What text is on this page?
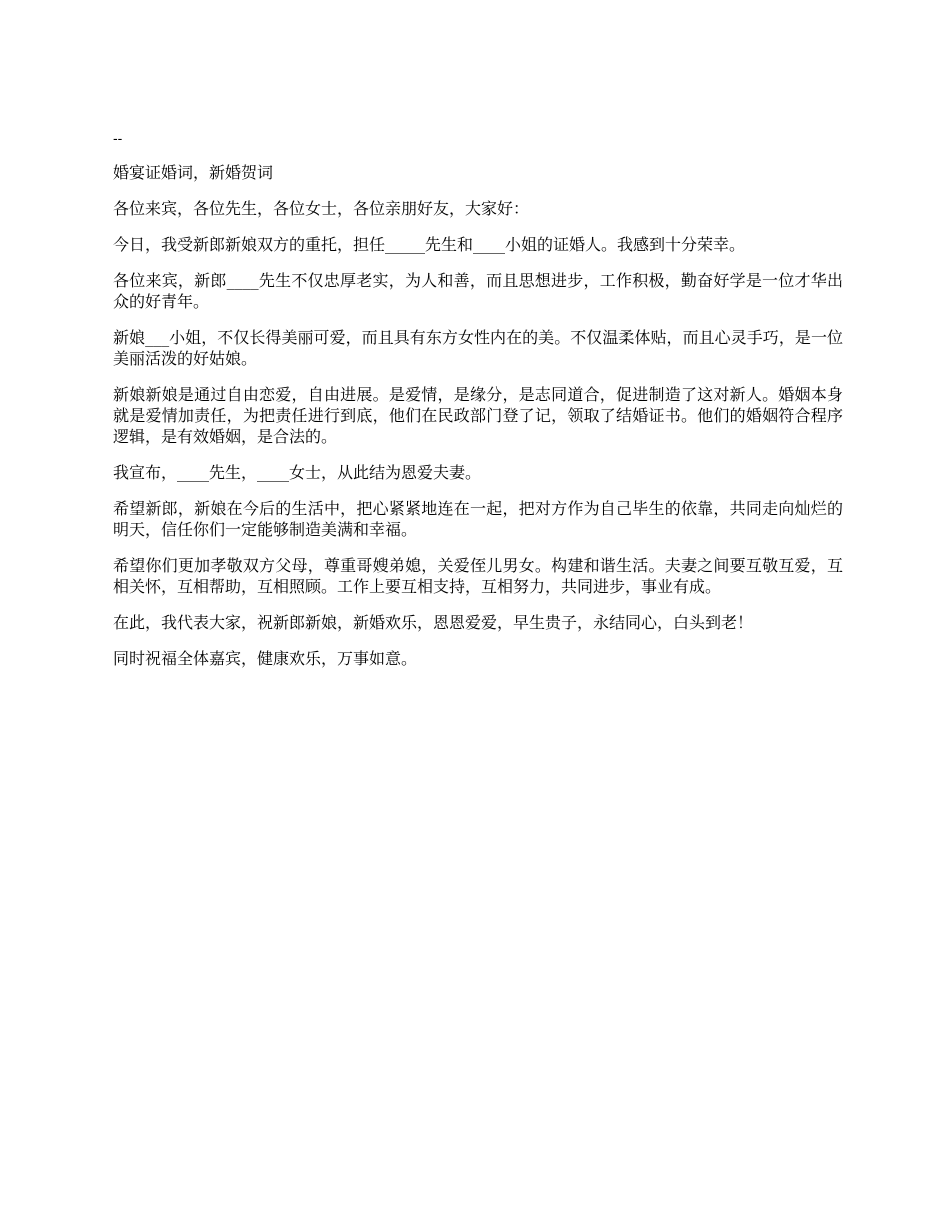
--

婚宴证婚词，新婚贺词

各位来宾，各位先生，各位女士，各位亲朋好友，大家好：

今日，我受新郎新娘双方的重托，担任_____先生和____小姐的证婚人。我感到十分荣幸。

各位来宾，新郎____先生不仅忠厚老实，为人和善，而且思想进步，工作积极，勤奋好学是一位才华出众的好青年。

新娘___小姐，不仅长得美丽可爱，而且具有东方女性内在的美。不仅温柔体贴，而且心灵手巧，是一位美丽活泼的好姑娘。

新娘新娘是通过自由恋爱，自由进展。是爱情，是缘分，是志同道合，促进制造了这对新人。婚姻本身就是爱情加责任，为把责任进行到底，他们在民政部门登了记，领取了结婚证书。他们的婚姻符合程序逻辑，是有效婚姻，是合法的。

我宣布，____先生，____女士，从此结为恩爱夫妻。

希望新郎，新娘在今后的生活中，把心紧紧地连在一起，把对方作为自己毕生的依靠，共同走向灿烂的明天，信任你们一定能够制造美满和幸福。

希望你们更加孝敬双方父母，尊重哥嫂弟媳，关爱侄儿男女。构建和谐生活。夫妻之间要互敬互爱，互相关怀，互相帮助，互相照顾。工作上要互相支持，互相努力，共同进步，事业有成。

在此，我代表大家，祝新郎新娘，新婚欢乐，恩恩爱爱，早生贵子，永结同心，白头到老！

同时祝福全体嘉宾，健康欢乐，万事如意。
